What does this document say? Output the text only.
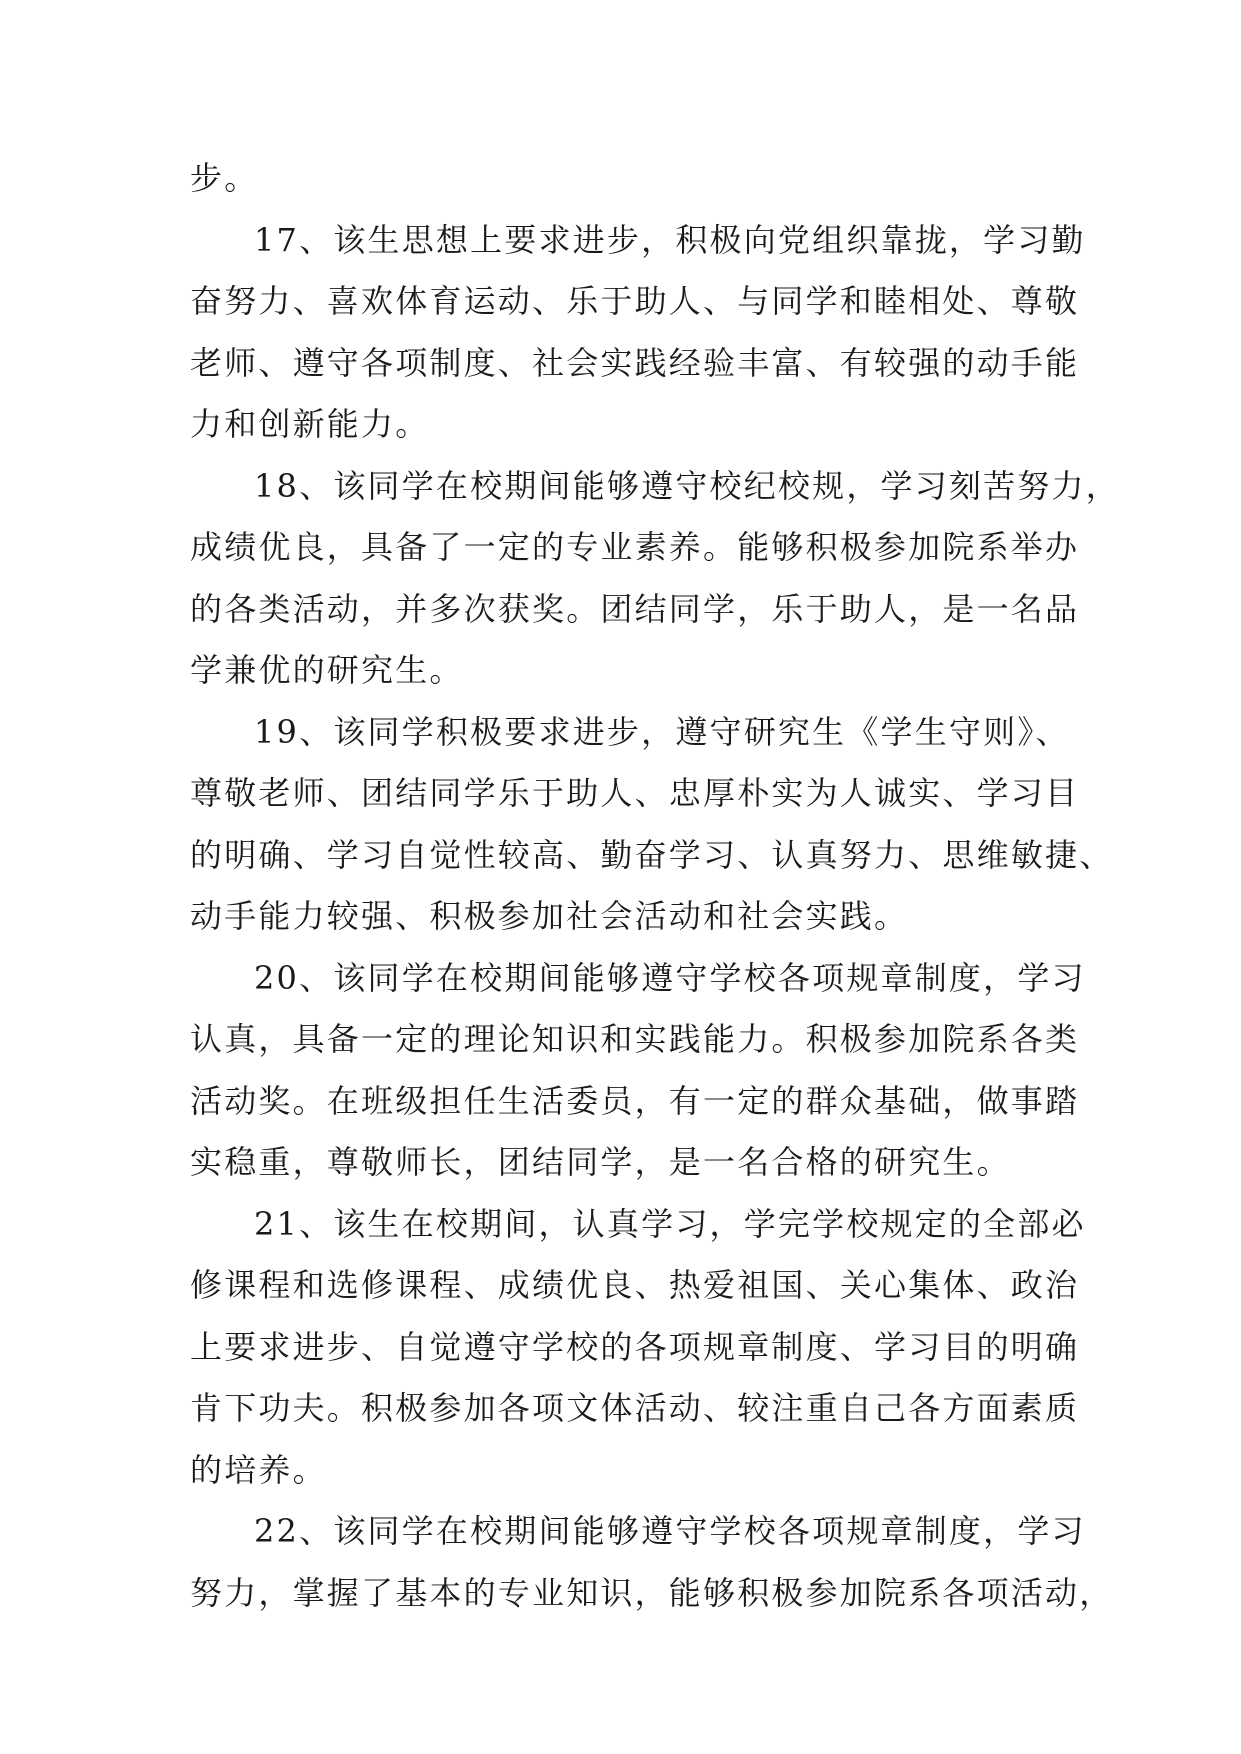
步。
17、该生思想上要求进步，积极向党组织靠拢，学习勤
奋努力、喜欢体育运动、乐于助人、与同学和睦相处、尊敬
老师、遵守各项制度、社会实践经验丰富、有较强的动手能
力和创新能力。
18、该同学在校期间能够遵守校纪校规，学习刻苦努力，
成绩优良，具备了一定的专业素养。能够积极参加院系举办
的各类活动，并多次获奖。团结同学，乐于助人，是一名品
学兼优的研究生。
19、该同学积极要求进步，遵守研究生《学生守则》、
尊敬老师、团结同学乐于助人、忠厚朴实为人诚实、学习目
的明确、学习自觉性较高、勤奋学习、认真努力、思维敏捷、
动手能力较强、积极参加社会活动和社会实践。
20、该同学在校期间能够遵守学校各项规章制度，学习
认真，具备一定的理论知识和实践能力。积极参加院系各类
活动奖。在班级担任生活委员，有一定的群众基础，做事踏
实稳重，尊敬师长，团结同学，是一名合格的研究生。
21、该生在校期间，认真学习，学完学校规定的全部必
修课程和选修课程、成绩优良、热爱祖国、关心集体、政治
上要求进步、自觉遵守学校的各项规章制度、学习目的明确
肯下功夫。积极参加各项文体活动、较注重自己各方面素质
的培养。
22、该同学在校期间能够遵守学校各项规章制度，学习
努力，掌握了基本的专业知识，能够积极参加院系各项活动，
